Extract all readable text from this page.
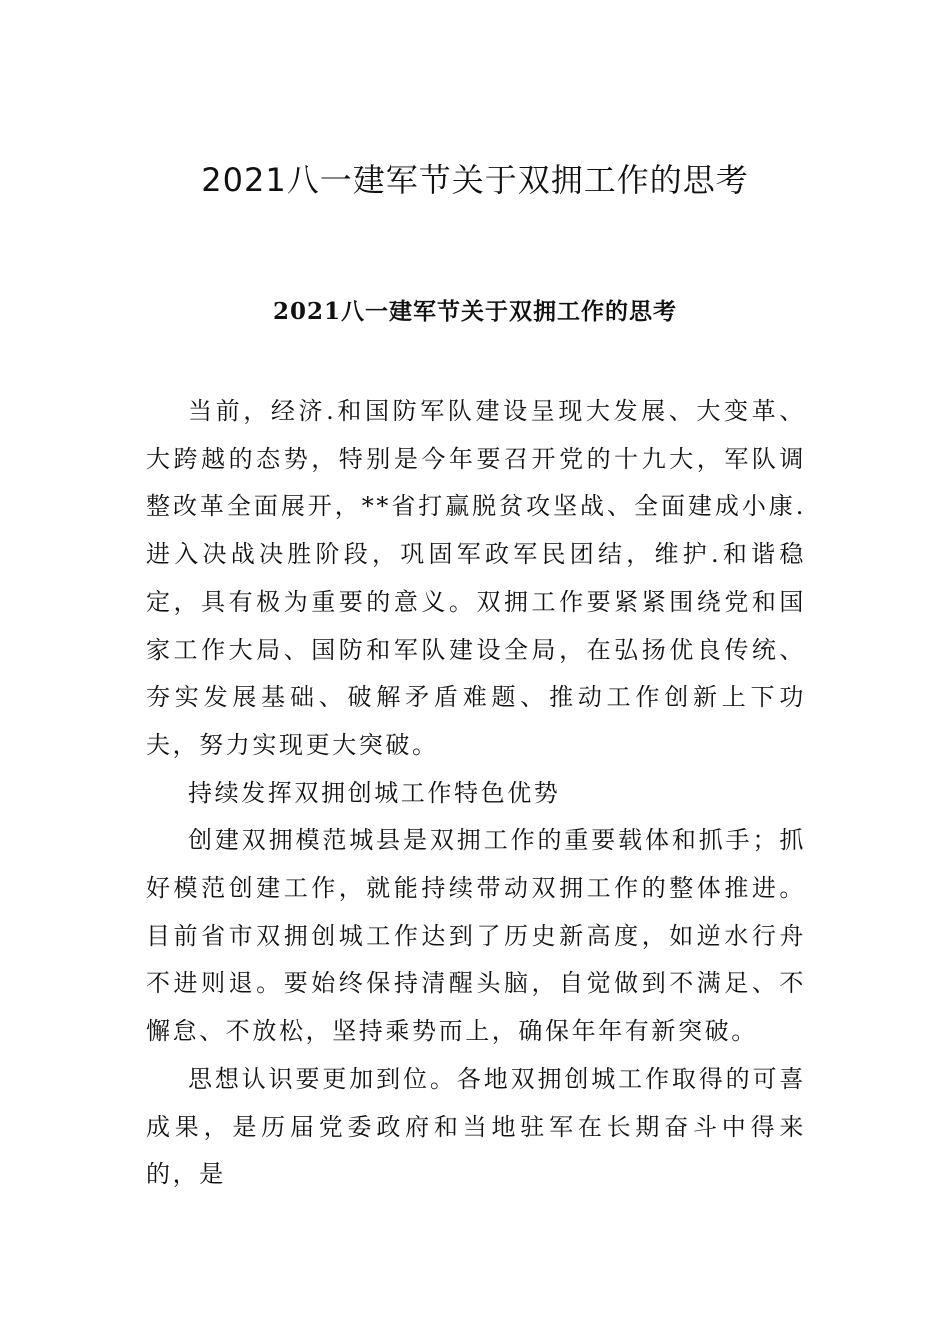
2021八一建军节关于双拥工作的思考
2021八一建军节关于双拥工作的思考

当前，经济.和国防军队建设呈现大发展、大变革、大跨越的态势，特别是今年要召开党的十九大，军队调整改革全面展开，**省打赢脱贫攻坚战、全面建成小康.进入决战决胜阶段，巩固军政军民团结，维护.和谐稳定，具有极为重要的意义。双拥工作要紧紧围绕党和国家工作大局、国防和军队建设全局，在弘扬优良传统、夯实发展基础、破解矛盾难题、推动工作创新上下功夫，努力实现更大突破。

持续发挥双拥创城工作特色优势

创建双拥模范城县是双拥工作的重要载体和抓手；抓好模范创建工作，就能持续带动双拥工作的整体推进。目前省市双拥创城工作达到了历史新高度，如逆水行舟不进则退。要始终保持清醒头脑，自觉做到不满足、不懈怠、不放松，坚持乘势而上，确保年年有新突破。

思想认识要更加到位。各地双拥创城工作取得的可喜成果，是历届党委政府和当地驻军在长期奋斗中得来的，是
